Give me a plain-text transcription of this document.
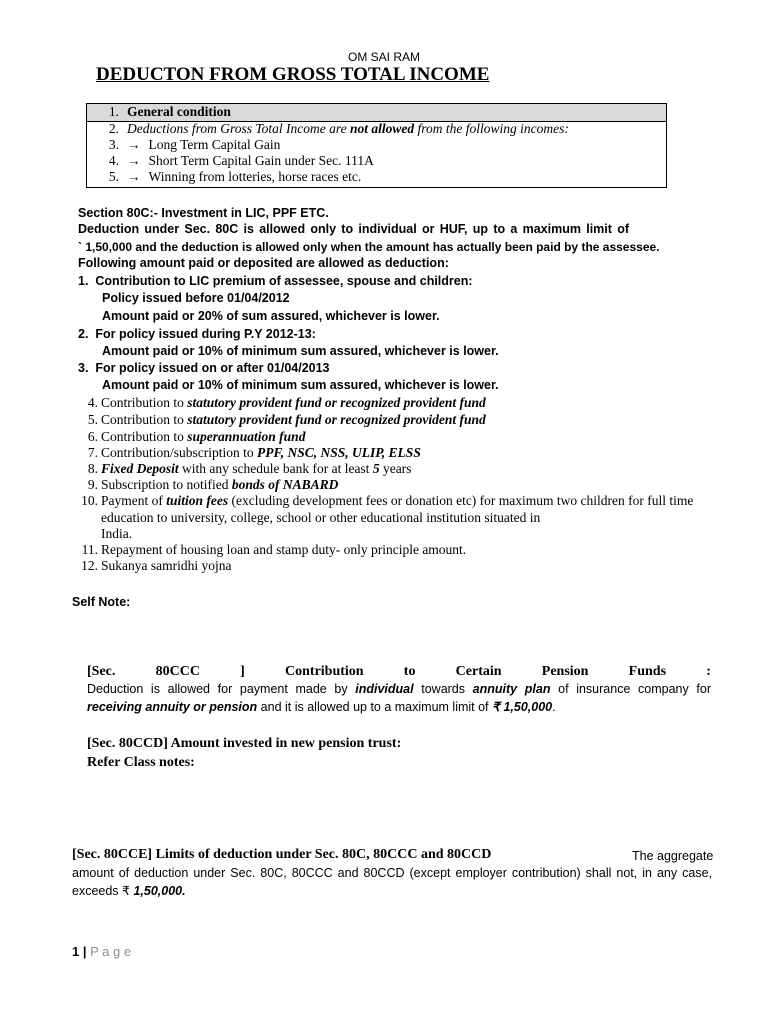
OM SAI RAM
DEDUCTON FROM GROSS TOTAL INCOME
1. General condition
2. Deductions from Gross Total Income are not allowed from the following incomes:
3. → Long Term Capital Gain
4. → Short Term Capital Gain under Sec. 111A
5. → Winning from lotteries, horse races etc.
Section 80C:- Investment in LIC, PPF ETC.
Deduction under Sec. 80C is allowed only to individual or HUF, up to a maximum limit of
` 1,50,000 and the deduction is allowed only when the amount has actually been paid by the assessee.
Following amount paid or deposited are allowed as deduction:
1. Contribution to LIC premium of assessee, spouse and children:
Policy issued before 01/04/2012
Amount paid or 20% of sum assured, whichever is lower.
2. For policy issued during P.Y 2012-13:
Amount paid or 10% of minimum sum assured, whichever is lower.
3. For policy issued on or after 01/04/2013
Amount paid or 10% of minimum sum assured, whichever is lower.
4. Contribution to statutory provident fund or recognized provident fund
5. Contribution to statutory provident fund or recognized provident fund
6. Contribution to superannuation fund
7. Contribution/subscription to PPF, NSC, NSS, ULIP, ELSS
8. Fixed Deposit with any schedule bank for at least 5 years
9. Subscription to notified bonds of NABARD
10. Payment of tuition fees (excluding development fees or donation etc) for maximum two children for full time
education to university, college, school or other educational institution situated in
India.
11. Repayment of housing loan and stamp duty- only principle amount.
12. Sukanya samridhi yojna
Self Note:
[Sec.	80CCC	]	Contribution	to	Certain	Pension	Funds	:
Deduction is allowed for payment made by individual towards annuity plan of insurance company for
receiving annuity or pension and it is allowed up to a maximum limit of ₹ 1,50,000.
[Sec. 80CCD] Amount invested in new pension trust:
Refer Class notes:
[Sec. 80CCE] Limits of deduction under Sec. 80C, 80CCC and 80CCD	The aggregate
amount of deduction under Sec. 80C, 80CCC and 80CCD (except employer contribution) shall not, in any case,
exceeds ₹ 1,50,000.
1 | P a g e
